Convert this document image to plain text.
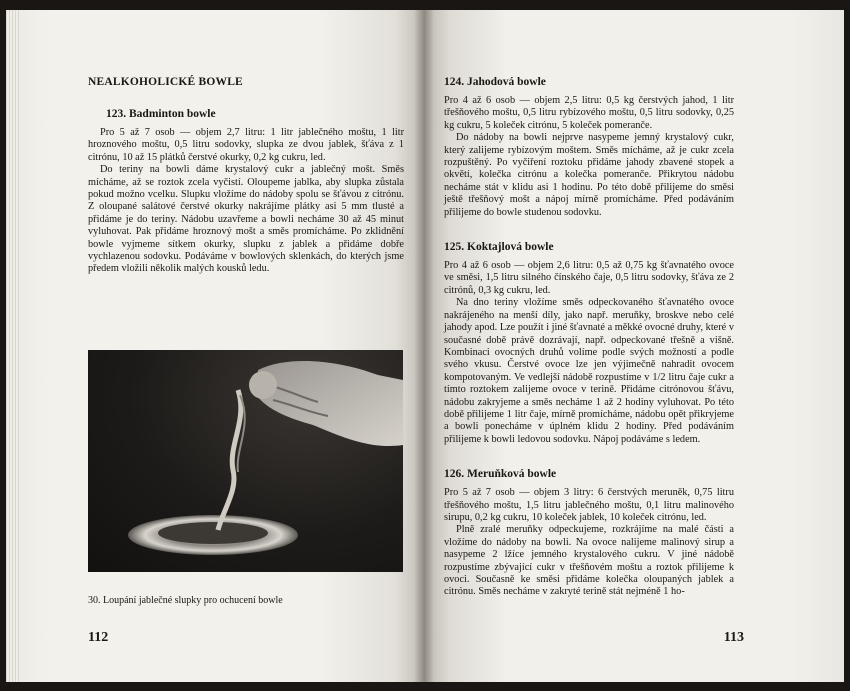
NEALKOHOLICKÉ BOWLE
123. Badminton bowle

Pro 5 až 7 osob — objem 2,7 litru: 1 litr jablečného moštu, 1 litr hroznového moštu, 0,5 litru sodovky, slupka ze dvou jablek, šťáva z 1 citrónu, 10 až 15 plátků čerstvé okurky, 0,2 kg cukru, led.

Do teriny na bowli dáme krystalový cukr a jablečný mošt. Směs mícháme, až se roztok zcela vyčistí. Oloupeme jablka, aby slupka zůstala pokud možno vcelku. Slupku vložíme do nádoby spolu se šťávou z citrónu. Z oloupané salátové čerstvé okurky nakrájíme plátky asi 5 mm tlusté a přidáme je do teriny. Nádobu uzavřeme a bowli necháme 30 až 45 minut vyluhovat. Pak přidáme hroznový mošt a směs promícháme. Po zklidnění bowle vyjmeme sítkem okurky, slupku z jablek a přidáme dobře vychlazenou sodovku. Podáváme v bowlových sklenkách, do kterých jsme předem vložili několik malých kousků ledu.

30. Loupání jablečné slupky pro ochucení bowle
112
124. Jahodová bowle

Pro 4 až 6 osob — objem 2,5 litru: 0,5 kg čerstvých jahod, 1 litr třešňového moštu, 0,5 litru rybízového moštu, 0,5 litru sodovky, 0,25 kg cukru, 5 koleček citrónu, 5 koleček pomeranče.

Do nádoby na bowli nejprve nasypeme jemný krystalový cukr, který zalijeme rybízovým moštem. Směs mícháme, až je cukr zcela rozpuštěný. Po vyčiření roztoku přidáme jahody zbavené stopek a okvětí, kolečka citrónu a kolečka pomeranče. Přikrytou nádobu necháme stát v klidu asi 1 hodinu. Po této době přilijeme do směsi ještě třešňový mošt a nápoj mírně promícháme. Před podáváním přilijeme do bowle studenou sodovku.

125. Koktajlová bowle

Pro 4 až 6 osob — objem 2,6 litru: 0,5 až 0,75 kg šťavnatého ovoce ve směsi, 1,5 litru silného čínského čaje, 0,5 litru sodovky, šťáva ze 2 citrónů, 0,3 kg cukru, led.

Na dno teriny vložíme směs odpeckovaného šťavnatého ovoce nakrájeného na menší díly, jako např. meruňky, broskve nebo celé jahody apod. Lze použít i jiné šťavnaté a měkké ovocné druhy, které v současné době právě dozrávají, např. odpeckované třešně a višně. Kombinaci ovocných druhů volíme podle svých možností a podle svého vkusu. Čerstvé ovoce lze jen výjimečně nahradit ovocem kompotovaným. Ve vedlejší nádobě rozpustíme v 1/2 litru čaje cukr a tímto roztokem zalijeme ovoce v terině. Přidáme citrónovou šťávu, nádobu zakryjeme a směs necháme 1 až 2 hodiny vyluhovat. Po této době přilijeme 1 litr čaje, mírně promícháme, nádobu opět přikryjeme a bowli ponecháme v úplném klidu 2 hodiny. Před podáváním přilijeme k bowli ledovou sodovku. Nápoj podáváme s ledem.

126. Meruňková bowle

Pro 5 až 7 osob — objem 3 litry: 6 čerstvých meruněk, 0,75 litru třešňového moštu, 1,5 litru jablečného moštu, 0,1 litru malinového sirupu, 0,2 kg cukru, 10 koleček jablek, 10 koleček citrónu, led.

Plně zralé meruňky odpeckujeme, rozkrájíme na malé části a vložíme do nádoby na bowli. Na ovoce nalijeme malinový sirup a nasypeme 2 lžíce jemného krystalového cukru. V jiné nádobě rozpustíme zbývající cukr v třešňovém moštu a roztok přilijeme k ovoci. Současně ke směsi přidáme kolečka oloupaných jablek a citrónu. Směs necháme v zakryté terině stát nejméně 1 ho-

113
